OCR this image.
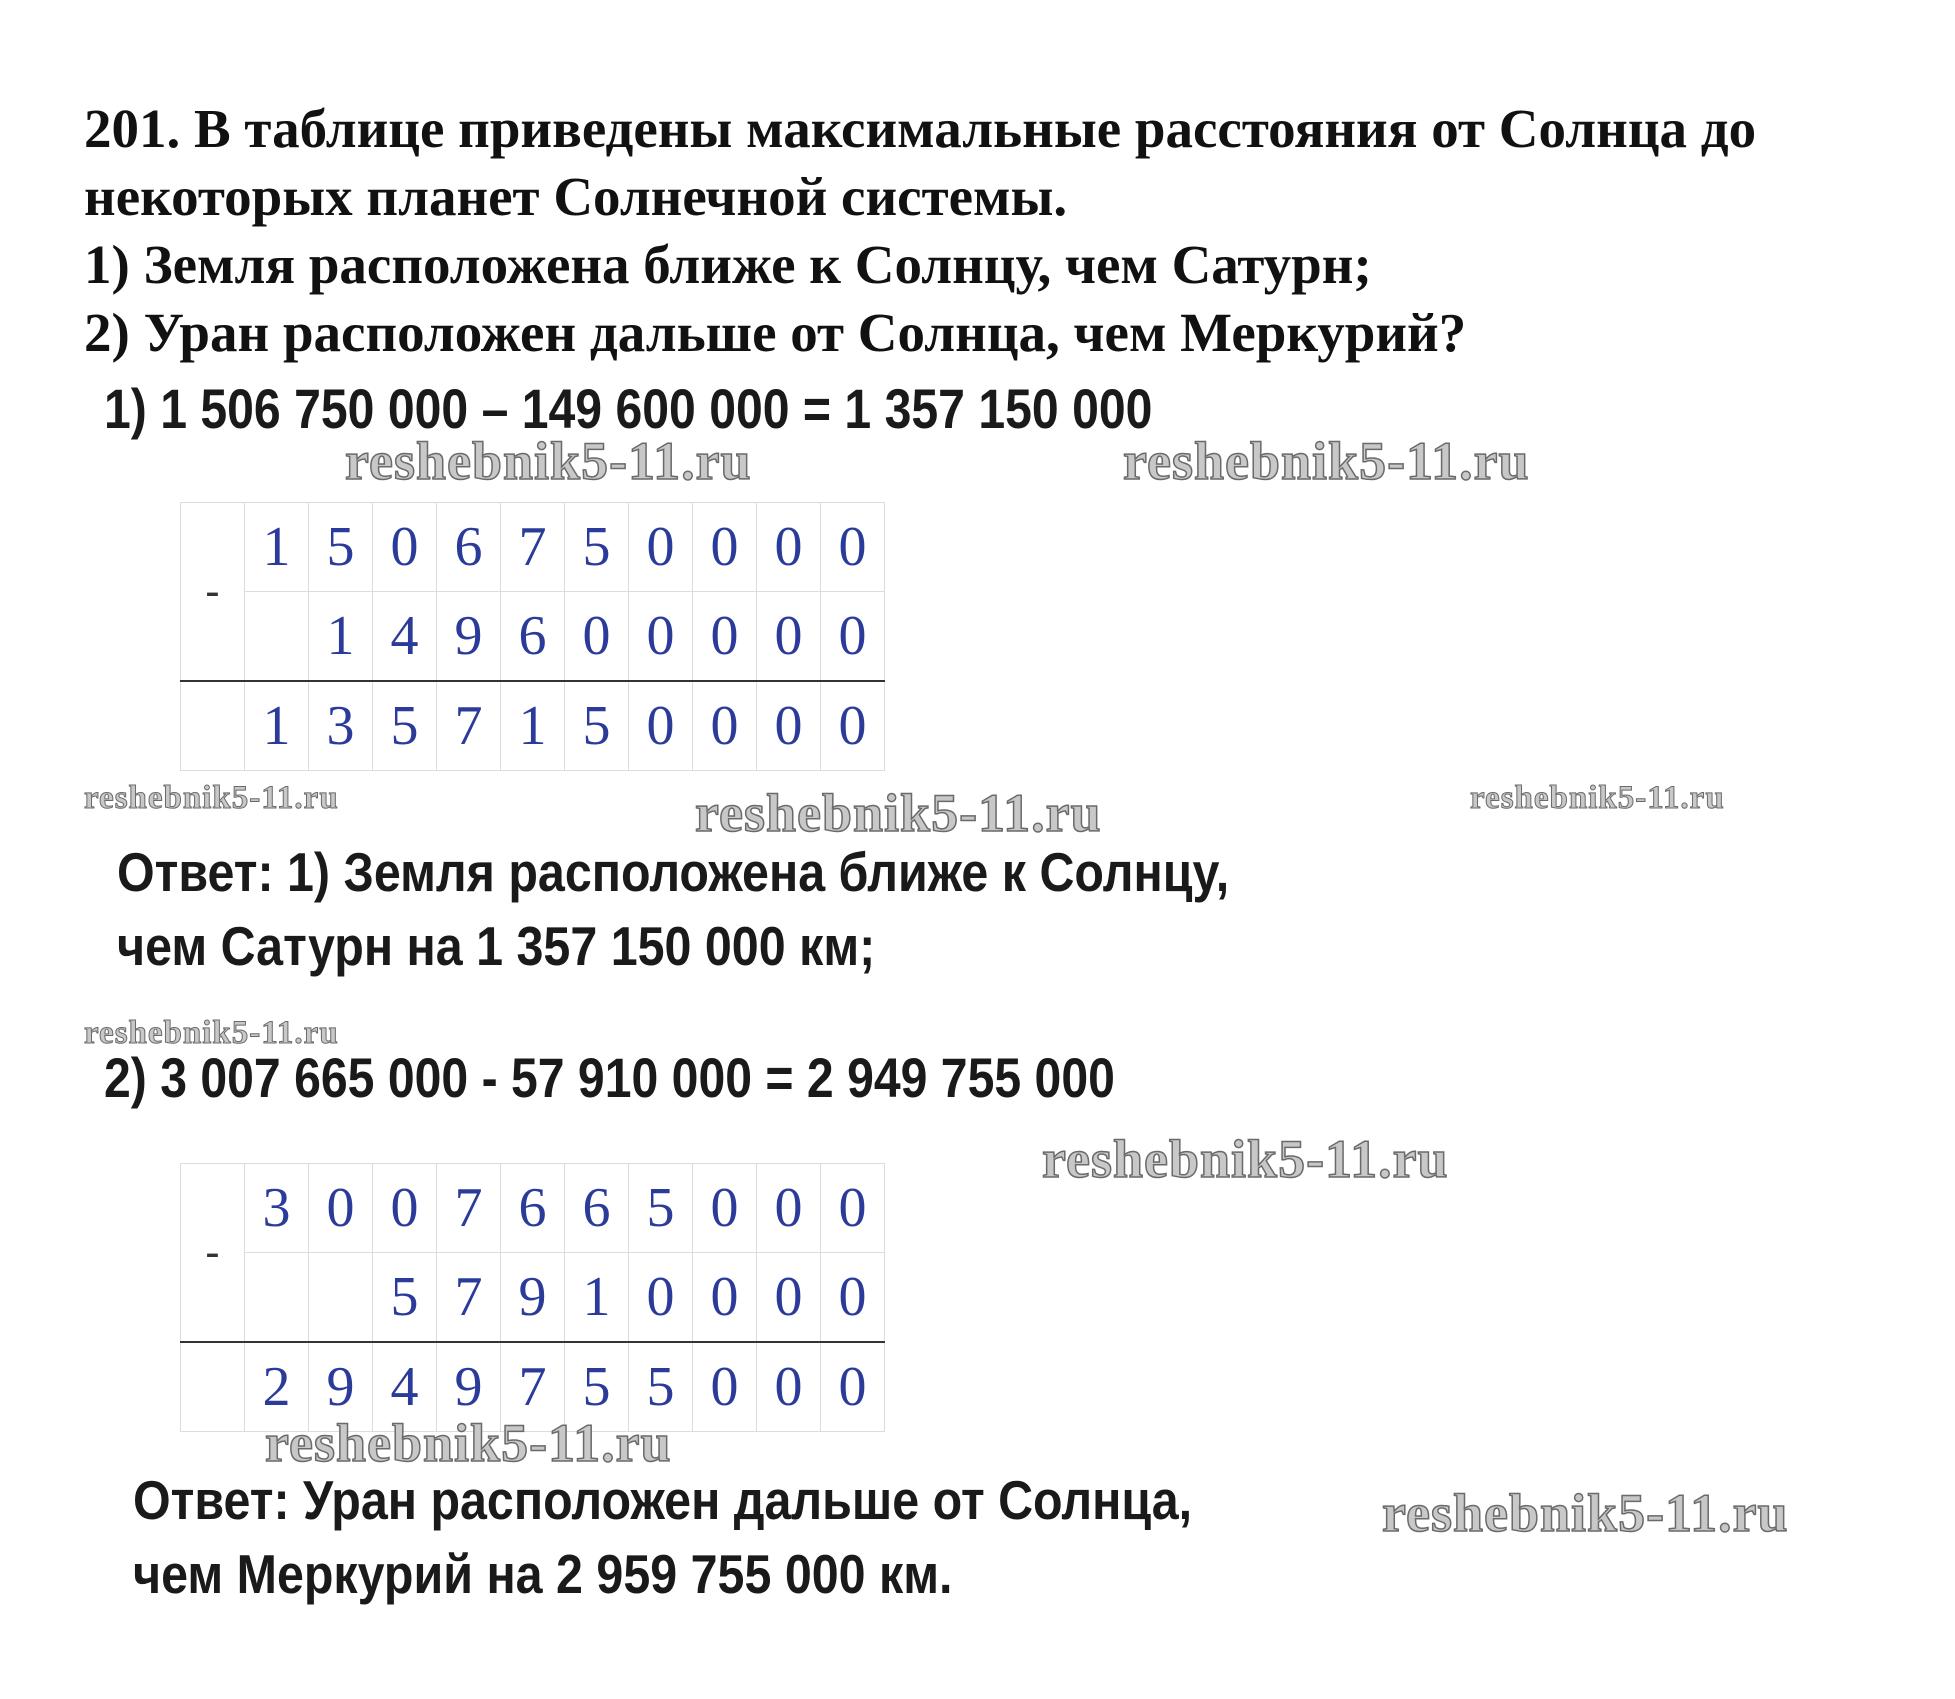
201. В таблице приведены максимальные расстояния от Солнца до
некоторых планет Солнечной системы.
1) Земля расположена ближе к Солнцу, чем Сатурн;
2) Уран расположен дальше от Солнца, чем Меркурий?
1) 1 506 750 000 – 149 600 000 = 1 357 150 000
-	1	5	0	6	7	5	0	0	0	0
		1	4	9	6	0	0	0	0	0
	1	3	5	7	1	5	0	0	0	0
Ответ: 1) Земля расположена ближе к Солнцу,
чем Сатурн на 1 357 150 000 км;
2) 3 007 665 000 - 57 910 000 = 2 949 755 000
-	3	0	0	7	6	6	5	0	0	0
			5	7	9	1	0	0	0	0
	2	9	4	9	7	5	5	0	0	0
Ответ: Уран расположен дальше от Солнца,
чем Меркурий на 2 959 755 000 км.
reshebnik5-11.ru	reshebnik5-11.ru
reshebnik5-11.ru	reshebnik5-11.ru	reshebnik5-11.ru
reshebnik5-11.ru
reshebnik5-11.ru
reshebnik5-11.ru
reshebnik5-11.ru
